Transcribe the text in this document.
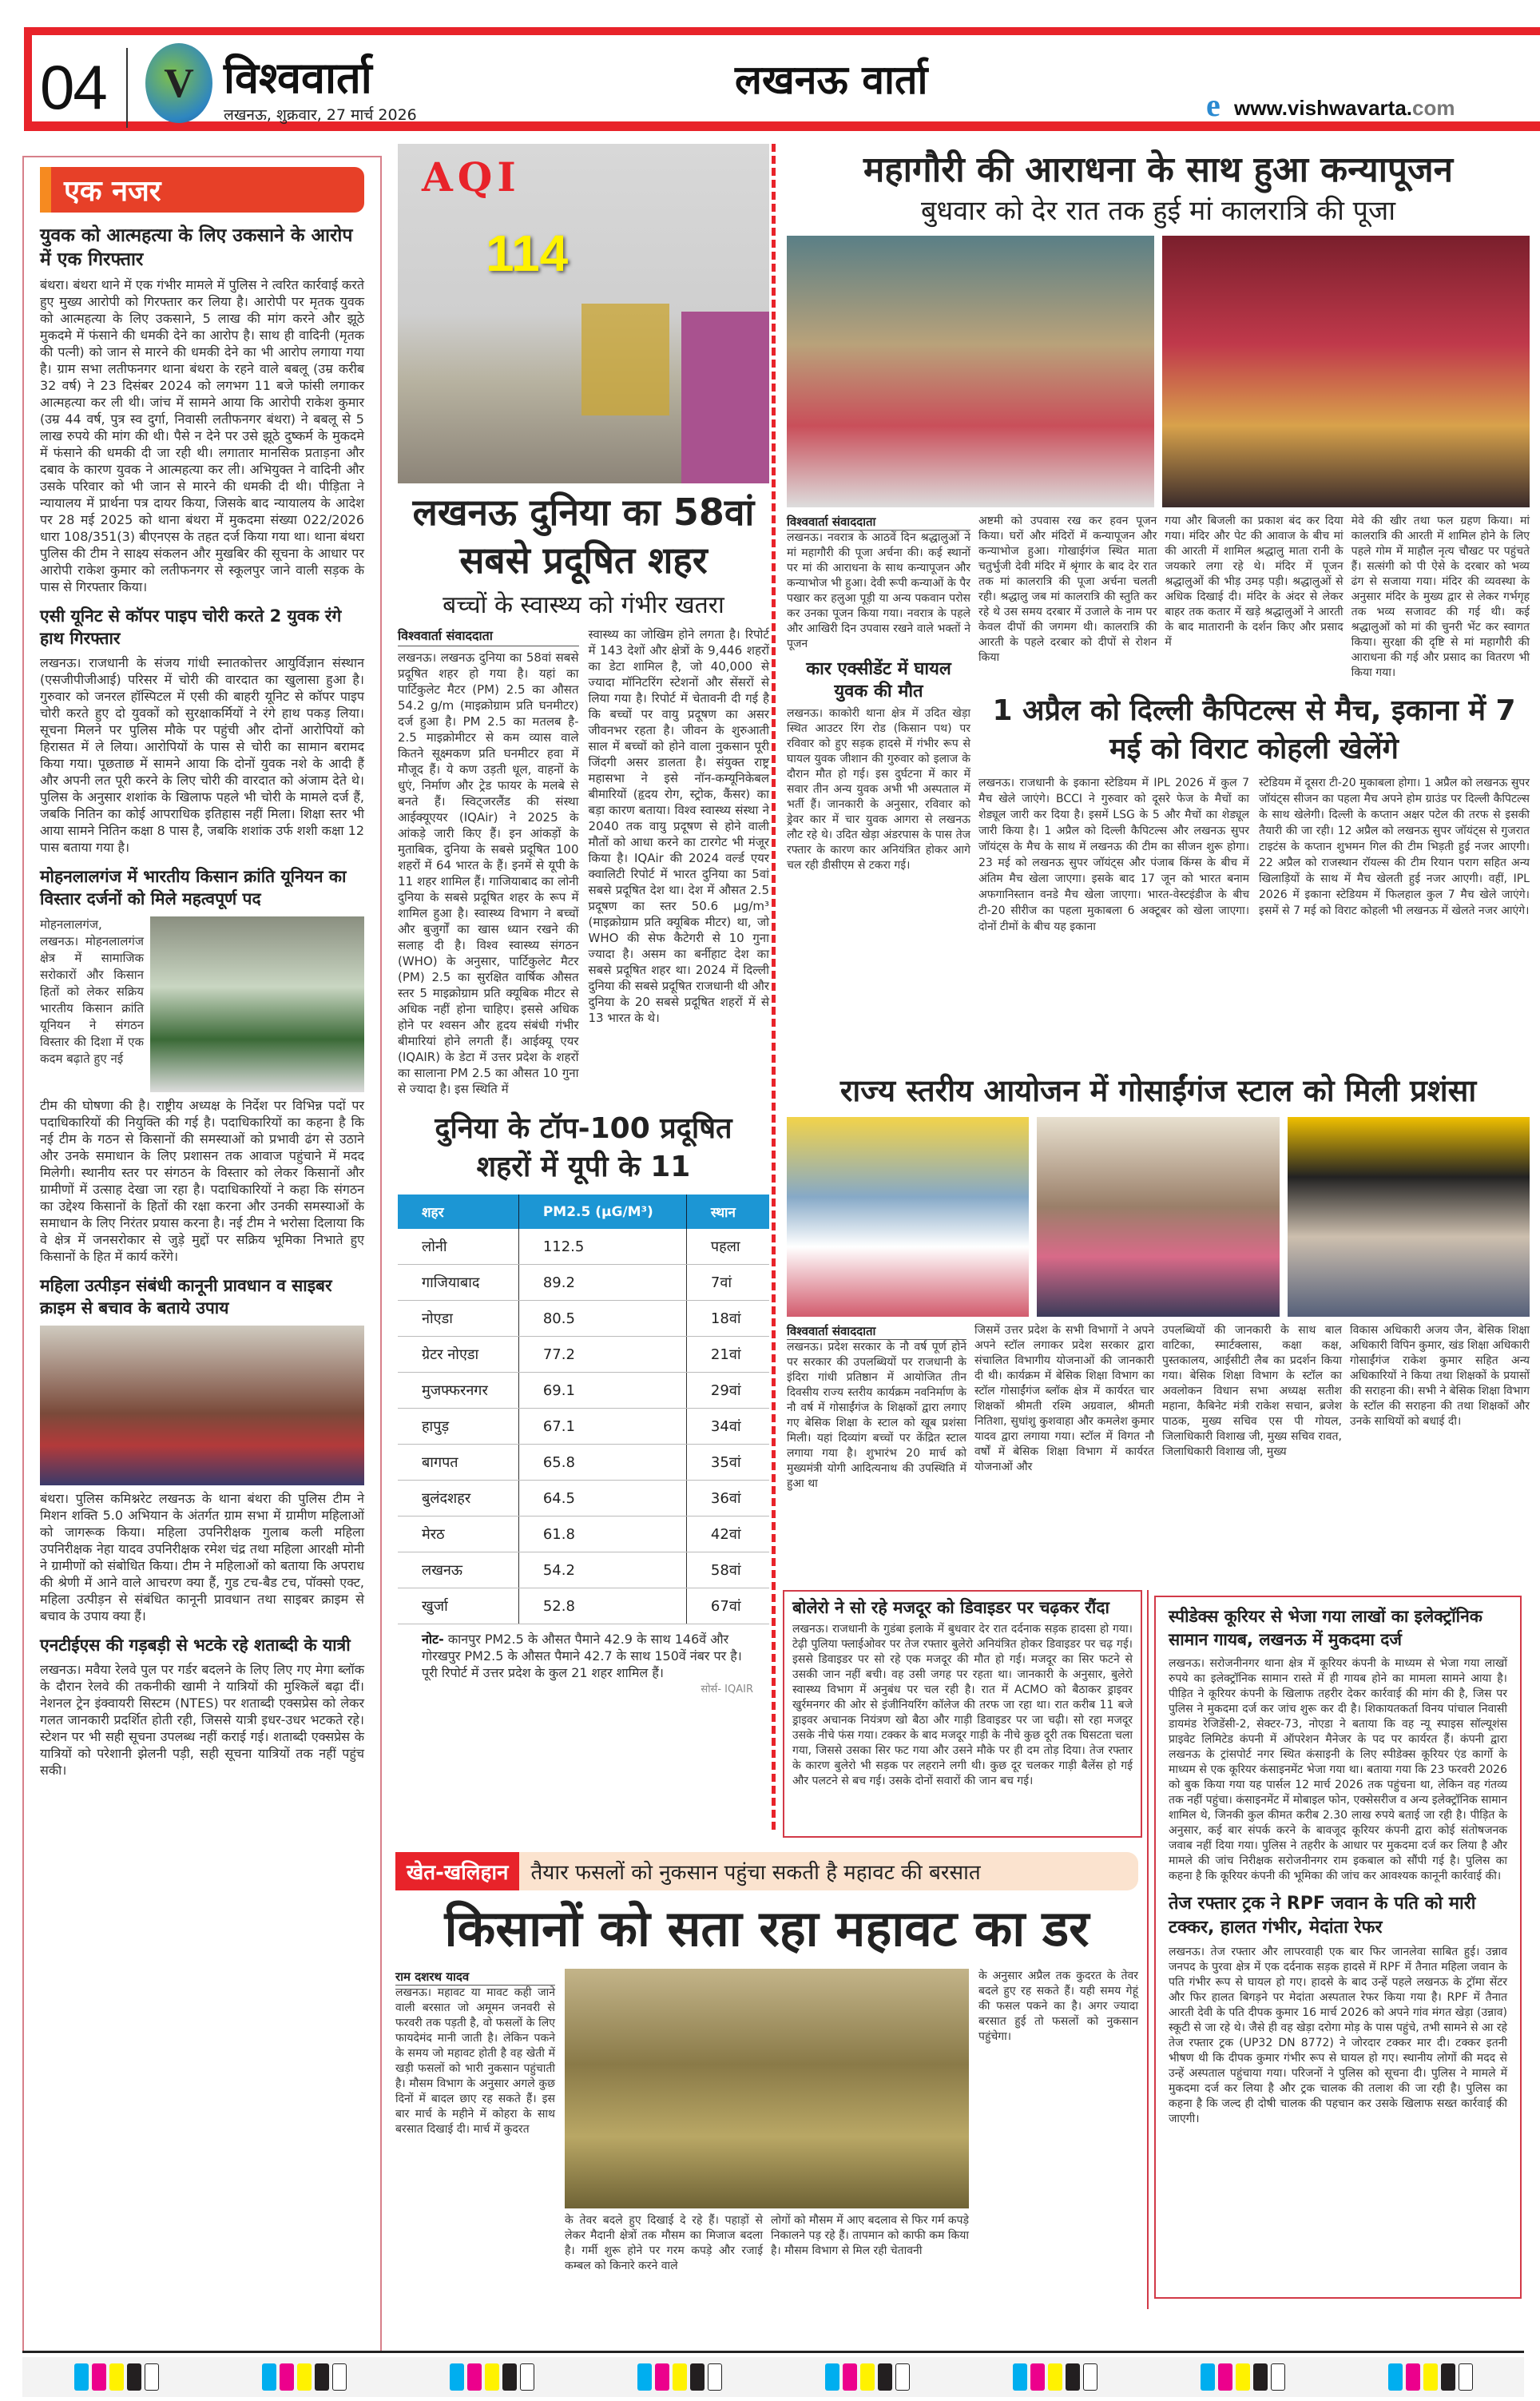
04	V विश्ववार्ता
लखनऊ, शुक्रवार, 27 मार्च 2026
लखनऊ वार्ता
e www.vishwavarta.com
एक नजर
युवक को आत्महत्या के लिए उकसाने के आरोप में एक गिरफ्तार
बंथरा। बंथरा थाने में एक गंभीर मामले में पुलिस ने त्वरित कार्रवाई करते हुए मुख्य आरोपी को गिरफ्तार कर लिया है। आरोपी पर मृतक युवक को आत्महत्या के लिए उकसाने, 5 लाख की मांग करने और झूठे मुकदमे में फंसाने की धमकी देने का आरोप है। साथ ही वादिनी (मृतक की पत्नी) को जान से मारने की धमकी देने का भी आरोप लगाया गया है। ग्राम सभा लतीफनगर थाना बंथरा के रहने वाले बबलू (उम्र करीब 32 वर्ष) ने 23 दिसंबर 2024 को लगभग 11 बजे फांसी लगाकर आत्महत्या कर ली थी। जांच में सामने आया कि आरोपी राकेश कुमार (उम्र 44 वर्ष, पुत्र स्व दुर्गा, निवासी लतीफनगर बंथरा) ने बबलू से 5 लाख रुपये की मांग की थी। पैसे न देने पर उसे झूठे दुष्कर्म के मुकदमे में फंसाने की धमकी दी जा रही थी। लगातार मानसिक प्रताड़ना और दबाव के कारण युवक ने आत्महत्या कर ली। अभियुक्त ने वादिनी और उसके परिवार को भी जान से मारने की धमकी दी थी। पीड़िता ने न्यायालय में प्रार्थना पत्र दायर किया, जिसके बाद न्यायालय के आदेश पर 28 मई 2025 को थाना बंथरा में मुकदमा संख्या 022/2026 धारा 108/351(3) बीएनएस के तहत दर्ज किया गया था। थाना बंथरा पुलिस की टीम ने साक्ष्य संकलन और मुखबिर की सूचना के आधार पर आरोपी राकेश कुमार को लतीफनगर से स्कूलपुर जाने वाली सड़क के पास से गिरफ्तार किया।
एसी यूनिट से कॉपर पाइप चोरी करते 2 युवक रंगे हाथ गिरफ्तार
लखनऊ। राजधानी के संजय गांधी स्नातकोत्तर आयुर्विज्ञान संस्थान (एसजीपीजीआई) परिसर में चोरी की वारदात का खुलासा हुआ है। गुरुवार को जनरल हॉस्पिटल में एसी की बाहरी यूनिट से कॉपर पाइप चोरी करते हुए दो युवकों को सुरक्षाकर्मियों ने रंगे हाथ पकड़ लिया। सूचना मिलने पर पुलिस मौके पर पहुंची और दोनों आरोपियों को हिरासत में ले लिया। आरोपियों के पास से चोरी का सामान बरामद किया गया। पूछताछ में सामने आया कि दोनों युवक नशे के आदी हैं और अपनी लत पूरी करने के लिए चोरी की वारदात को अंजाम देते थे। पुलिस के अनुसार शशांक के खिलाफ पहले भी चोरी के मामले दर्ज हैं, जबकि नितिन का कोई आपराधिक इतिहास नहीं मिला। शिक्षा स्तर भी आया सामने नितिन कक्षा 8 पास है, जबकि शशांक उर्फ शशी कक्षा 12 पास बताया गया है।
मोहनलालगंज में भारतीय किसान क्रांति यूनियन का विस्तार दर्जनों को मिले महत्वपूर्ण पद
मोहनलालगंज, लखनऊ। मोहनलालगंज क्षेत्र में सामाजिक सरोकारों और किसान हितों को लेकर सक्रिय भारतीय किसान क्रांति यूनियन ने संगठन विस्तार की दिशा में एक कदम बढ़ाते हुए नई
टीम की घोषणा की है। राष्ट्रीय अध्यक्ष के निर्देश पर विभिन्न पदों पर पदाधिकारियों की नियुक्ति की गई है। पदाधिकारियों का कहना है कि नई टीम के गठन से किसानों की समस्याओं को प्रभावी ढंग से उठाने और उनके समाधान के लिए प्रशासन तक आवाज पहुंचाने में मदद मिलेगी। स्थानीय स्तर पर संगठन के विस्तार को लेकर किसानों और ग्रामीणों में उत्साह देखा जा रहा है। पदाधिकारियों ने कहा कि संगठन का उद्देश्य किसानों के हितों की रक्षा करना और उनकी समस्याओं के समाधान के लिए निरंतर प्रयास करना है। नई टीम ने भरोसा दिलाया कि वे क्षेत्र में जनसरोकार से जुड़े मुद्दों पर सक्रिय भूमिका निभाते हुए किसानों के हित में कार्य करेंगे।
महिला उत्पीड़न संबंधी कानूनी प्रावधान व साइबर क्राइम से बचाव के बताये उपाय
बंथरा। पुलिस कमिश्नरेट लखनऊ के थाना बंथरा की पुलिस टीम ने मिशन शक्ति 5.0 अभियान के अंतर्गत ग्राम सभा में ग्रामीण महिलाओं को जागरूक किया। महिला उपनिरीक्षक गुलाब कली महिला उपनिरीक्षक नेहा यादव उपनिरीक्षक रमेश चंद्र तथा महिला आरक्षी मोनी ने ग्रामीणों को संबोधित किया। टीम ने महिलाओं को बताया कि अपराध की श्रेणी में आने वाले आचरण क्या हैं, गुड टच-बैड टच, पॉक्सो एक्ट, महिला उत्पीड़न से संबंधित कानूनी प्रावधान तथा साइबर क्राइम से बचाव के उपाय क्या हैं।
एनटीईएस की गड़बड़ी से भटके रहे शताब्दी के यात्री
लखनऊ। मवैया रेलवे पुल पर गर्डर बदलने के लिए लिए गए मेगा ब्लॉक के दौरान रेलवे की तकनीकी खामी ने यात्रियों की मुश्किलें बढ़ा दीं। नेशनल ट्रेन इंक्वायरी सिस्टम (NTES) पर शताब्दी एक्सप्रेस को लेकर गलत जानकारी प्रदर्शित होती रही, जिससे यात्री इधर-उधर भटकते रहे। स्टेशन पर भी सही सूचना उपलब्ध नहीं कराई गई। शताब्दी एक्सप्रेस के यात्रियों को परेशानी झेलनी पड़ी, सही सूचना यात्रियों तक नहीं पहुंच सकी।
AQI
114
लखनऊ दुनिया का 58वां सबसे प्रदूषित शहर
बच्चों के स्वास्थ्य को गंभीर खतरा
विश्ववार्ता संवाददाता
लखनऊ। लखनऊ दुनिया का 58वां सबसे प्रदूषित शहर हो गया है। यहां का पार्टिकुलेट मैटर (PM) 2.5 का औसत 54.2 g/m (माइक्रोग्राम प्रति घनमीटर) दर्ज हुआ है। PM 2.5 का मतलब है- 2.5 माइक्रोमीटर से कम व्यास वाले कितने सूक्ष्मकण प्रति घनमीटर हवा में मौजूद हैं। ये कण उड़ती धूल, वाहनों के धुएं, निर्माण और ट्रेड फायर के मलबे से बनते हैं। स्विट्जरलैंड की संस्था आईक्यूएयर (IQAir) ने 2025 के आंकड़े जारी किए हैं। इन आंकड़ों के मुताबिक, दुनिया के सबसे प्रदूषित 100 शहरों में 64 भारत के हैं। इनमें से यूपी के 11 शहर शामिल हैं। गाजियाबाद का लोनी दुनिया के सबसे प्रदूषित शहर के रूप में शामिल हुआ है। स्वास्थ्य विभाग ने बच्चों और बुजुर्गों का खास ध्यान रखने की सलाह दी है। विश्व स्वास्थ्य संगठन (WHO) के अनुसार, पार्टिकुलेट मैटर (PM) 2.5 का सुरक्षित वार्षिक औसत स्तर 5 माइक्रोग्राम प्रति क्यूबिक मीटर से अधिक नहीं होना चाहिए। इससे अधिक होने पर श्वसन और हृदय संबंधी गंभीर बीमारियां होने लगती हैं। आईक्यू एयर (IQAIR) के डेटा में उत्तर प्रदेश के शहरों का सालाना PM 2.5 का औसत 10 गुना से ज्यादा है। इस स्थिति में
स्वास्थ्य का जोखिम होने लगता है। रिपोर्ट में 143 देशों और क्षेत्रों के 9,446 शहरों का डेटा शामिल है, जो 40,000 से ज्यादा मॉनिटरिंग स्टेशनों और सेंसरों से लिया गया है। रिपोर्ट में चेतावनी दी गई है कि बच्चों पर वायु प्रदूषण का असर जीवनभर रहता है। जीवन के शुरुआती साल में बच्चों को होने वाला नुकसान पूरी जिंदगी असर डालता है। संयुक्त राष्ट्र महासभा ने इसे नॉन-कम्यूनिकेबल बीमारियों (हृदय रोग, स्ट्रोक, कैंसर) का बड़ा कारण बताया। विश्व स्वास्थ्य संस्था ने 2040 तक वायु प्रदूषण से होने वाली मौतों को आधा करने का टारगेट भी मंजूर किया है। IQAir की 2024 वर्ल्ड एयर क्वालिटी रिपोर्ट में भारत दुनिया का 5वां सबसे प्रदूषित देश था। देश में औसत 2.5 प्रदूषण का स्तर 50.6 μg/m³ (माइक्रोग्राम प्रति क्यूबिक मीटर) था, जो WHO की सेफ कैटेगरी से 10 गुना ज्यादा है। असम का बर्नीहाट देश का सबसे प्रदूषित शहर था। 2024 में दिल्ली दुनिया की सबसे प्रदूषित राजधानी थी और दुनिया के 20 सबसे प्रदूषित शहरों में से 13 भारत के थे।
दुनिया के टॉप-100 प्रदूषित शहरों में यूपी के 11
शहर	PM2.5 (μG/M³)	स्थान
लोनी	112.5	पहला
गाजियाबाद	89.2	7वां
नोएडा	80.5	18वां
ग्रेटर नोएडा	77.2	21वां
मुजफ्फरनगर	69.1	29वां
हापुड़	67.1	34वां
बागपत	65.8	35वां
बुलंदशहर	64.5	36वां
मेरठ	61.8	42वां
लखनऊ	54.2	58वां
खुर्जा	52.8	67वां
नोट- कानपुर PM2.5 के औसत पैमाने 42.9 के साथ 146वें और गोरखपुर PM2.5 के औसत पैमाने 42.7 के साथ 150वें नंबर पर है। पूरी रिपोर्ट में उत्तर प्रदेश के कुल 21 शहर शामिल हैं।
सोर्स- IQAIR
महागौरी की आराधना के साथ हुआ कन्यापूजन
बुधवार को देर रात तक हुई मां कालरात्रि की पूजा
विश्ववार्ता संवाददाता
लखनऊ। नवरात्र के आठवें दिन श्रद्धालुओं ने मां महागौरी की पूजा अर्चना की। कई स्थानों पर मां की आराधना के साथ कन्यापूजन और कन्याभोज भी हुआ। देवी रूपी कन्याओं के पैर पखार कर हलुआ पूड़ी या अन्य पकवान परोस कर उनका पूजन किया गया। नवरात्र के पहले और आखिरी दिन उपवास रखने वाले भक्तों ने पूजन
कार एक्सीडेंट में घायल युवक की मौत
लखनऊ। काकोरी थाना क्षेत्र में उदित खेड़ा स्थित आउटर रिंग रोड (किसान पथ) पर रविवार को हुए सड़क हादसे में गंभीर रूप से घायल युवक जीशान की गुरुवार को इलाज के दौरान मौत हो गई। इस दुर्घटना में कार में सवार तीन अन्य युवक अभी भी अस्पताल में भर्ती हैं। जानकारी के अनुसार, रविवार को ड्रेवर कार में चार युवक आगरा से लखनऊ लौट रहे थे। उदित खेड़ा अंडरपास के पास तेज रफ्तार के कारण कार अनियंत्रित होकर आगे चल रही डीसीएम से टकरा गई।
अष्टमी को उपवास रख कर हवन पूजन किया। घरों और मंदिरों में कन्यापूजन और कन्याभोज हुआ। गोखाईगंज स्थित माता चतुर्भुजी देवी मंदिर में श्रृंगार के बाद देर रात तक मां कालरात्रि की पूजा अर्चना चलती रही। श्रद्धालु जब मां कालरात्रि की स्तुति कर रहे थे उस समय दरबार में उजाले के नाम पर केवल दीपों की जगमग थी। कालरात्रि की आरती के पहले दरबार को दीपों से रोशन किया
गया और बिजली का प्रकाश बंद कर दिया गया। मंदिर और पेट की आवाज के बीच मां की आरती में शामिल श्रद्धालु माता रानी के जयकारे लगा रहे थे। मंदिर में पूजन श्रद्धालुओं की भीड़ उमड़ पड़ी। श्रद्धालुओं से अधिक दिखाई दी। मंदिर के अंदर से लेकर बाहर तक कतार में खड़े श्रद्धालुओं ने आरती के बाद मातारानी के दर्शन किए और प्रसाद में
मेवे की खीर तथा फल ग्रहण किया। मां कालरात्रि की आरती में शामिल होने के लिए पहले गोम में माहौल नृत्य चौखट पर पहुंचते हैं। सत्संगी को पी ऐसे के दरबार को भव्य ढंग से सजाया गया। मंदिर की व्यवस्था के अनुसार मंदिर के मुख्य द्वार से लेकर गर्भगृह तक भव्य सजावट की गई थी। कई श्रद्धालुओं को मां की चुनरी भेंट कर स्वागत किया। सुरक्षा की दृष्टि से मां महागौरी की आराधना की गई और प्रसाद का वितरण भी किया गया।
1 अप्रैल को दिल्ली कैपिटल्स से मैच, इकाना में 7 मई को विराट कोहली खेलेंगे
लखनऊ। राजधानी के इकाना स्टेडियम में IPL 2026 में कुल 7 मैच खेले जाएंगे। BCCI ने गुरुवार को दूसरे फेज के मैचों का शेड्यूल जारी कर दिया है। इसमें LSG के 5 और मैचों का शेड्यूल जारी किया है। 1 अप्रैल को दिल्ली कैपिटल्स और लखनऊ सुपर जॉयंट्स के मैच के साथ में लखनऊ की टीम का सीजन शुरू होगा। 23 मई को लखनऊ सुपर जॉयंट्स और पंजाब किंग्स के बीच में अंतिम मैच खेला जाएगा। इसके बाद 17 जून को भारत बनाम अफगानिस्तान वनडे मैच खेला जाएगा। भारत-वेस्टइंडीज के बीच टी-20 सीरीज का पहला मुकाबला 6 अक्टूबर को खेला जाएगा। दोनों टीमों के बीच यह इकाना
स्टेडियम में दूसरा टी-20 मुकाबला होगा। 1 अप्रैल को लखनऊ सुपर जॉयंट्स सीजन का पहला मैच अपने होम ग्राउंड पर दिल्ली कैपिटल्स के साथ खेलेगी। दिल्ली के कप्तान अक्षर पटेल की तरफ से इसकी तैयारी की जा रही। 12 अप्रैल को लखनऊ सुपर जॉयंट्स से गुजरात टाइटंस के कप्तान शुभमन गिल की टीम भिड़ती हुई नजर आएगी। 22 अप्रैल को राजस्थान रॉयल्स की टीम रियान पराग सहित अन्य खिलाड़ियों के साथ में मैच खेलती हुई नजर आएगी। वहीं, IPL 2026 में इकाना स्टेडियम में फिलहाल कुल 7 मैच खेले जाएंगे। इसमें से 7 मई को विराट कोहली भी लखनऊ में खेलते नजर आएंगे।
राज्य स्तरीय आयोजन में गोसाईंगंज स्टाल को मिली प्रशंसा
विश्ववार्ता संवाददाता
लखनऊ। प्रदेश सरकार के नौ वर्ष पूर्ण होने पर सरकार की उपलब्धियों पर राजधानी के इंदिरा गांधी प्रतिष्ठान में आयोजित तीन दिवसीय राज्य स्तरीय कार्यक्रम नवनिर्माण के नौ वर्ष में गोसाईंगंज के शिक्षकों द्वारा लगाए गए बेसिक शिक्षा के स्टाल को खूब प्रशंसा मिली। यहां दिव्यांग बच्चों पर केंद्रित स्टाल लगाया गया है। शुभारंभ 20 मार्च को मुख्यमंत्री योगी आदित्यनाथ की उपस्थिति में हुआ था
जिसमें उत्तर प्रदेश के सभी विभागों ने अपने अपने स्टॉल लगाकर प्रदेश सरकार द्वारा संचालित विभागीय योजनाओं की जानकारी दी थी। कार्यक्रम में बेसिक शिक्षा विभाग का स्टॉल गोसाईंगंज ब्लॉक क्षेत्र में कार्यरत चार शिक्षकों श्रीमती रश्मि अग्रवाल, श्रीमती नितिशा, सुधांशु कुशवाहा और कमलेश कुमार यादव द्वारा लगाया गया। स्टॉल में विगत नौ वर्षों में बेसिक शिक्षा विभाग में कार्यरत योजनाओं और
उपलब्धियों की जानकारी के साथ बाल वाटिका, स्मार्टक्लास, कक्षा कक्ष, पुस्तकालय, आईसीटी लैब का प्रदर्शन किया गया। बेसिक शिक्षा विभाग के स्टॉल का अवलोकन विधान सभा अध्यक्ष सतीश महाना, कैबिनेट मंत्री राकेश सचान, ब्रजेश पाठक, मुख्य सचिव एस पी गोयल, जिलाधिकारी विशाख जी, मुख्य सचिव रावत, जिलाधिकारी विशाख जी, मुख्य
विकास अधिकारी अजय जैन, बेसिक शिक्षा अधिकारी विपिन कुमार, खंड शिक्षा अधिकारी गोसाईंगंज राकेश कुमार सहित अन्य अधिकारियों ने किया तथा शिक्षकों के प्रयासों की सराहना की। सभी ने बेसिक शिक्षा विभाग के स्टॉल की सराहना की तथा शिक्षकों और उनके साथियों को बधाई दी।
बोलेरो ने सो रहे मजदूर को डिवाइडर पर चढ़कर रौंदा
लखनऊ। राजधानी के गुडंबा इलाके में बुधवार देर रात दर्दनाक सड़क हादसा हो गया। टेढ़ी पुलिया फ्लाईओवर पर तेज रफ्तार बुलेरो अनियंत्रित होकर डिवाइडर पर चढ़ गई। इससे डिवाइडर पर सो रहे एक मजदूर की मौत हो गई। मजदूर का सिर फटने से उसकी जान नहीं बची। वह उसी जगह पर रहता था। जानकारी के अनुसार, बुलेरो स्वास्थ्य विभाग में अनुबंध पर चल रही है। रात में ACMO को बैठाकर ड्राइवर खुर्रमनगर की ओर से इंजीनियरिंग कॉलेज की तरफ जा रहा था। रात करीब 11 बजे ड्राइवर अचानक नियंत्रण खो बैठा और गाड़ी डिवाइडर पर जा चढ़ी। सो रहा मजदूर उसके नीचे फंस गया। टक्कर के बाद मजदूर गाड़ी के नीचे कुछ दूरी तक घिसटता चला गया, जिससे उसका सिर फट गया और उसने मौके पर ही दम तोड़ दिया। तेज रफ्तार के कारण बुलेरो भी सड़क पर लहराने लगी थी। कुछ दूर चलकर गाड़ी बैलेंस हो गई और पलटने से बच गई। उसके दोनों सवारों की जान बच गई।
स्पीडेक्स कूरियर से भेजा गया लाखों का इलेक्ट्रॉनिक सामान गायब, लखनऊ में मुकदमा दर्ज
लखनऊ। सरोजनीनगर थाना क्षेत्र में कूरियर कंपनी के माध्यम से भेजा गया लाखों रुपये का इलेक्ट्रॉनिक सामान रास्ते में ही गायब होने का मामला सामने आया है। पीड़ित ने कूरियर कंपनी के खिलाफ तहरीर देकर कार्रवाई की मांग की है, जिस पर पुलिस ने मुकदमा दर्ज कर जांच शुरू कर दी है। शिकायतकर्ता विनय पांचाल निवासी डायमंड रेजिडेंसी-2, सेक्टर-73, नोएडा ने बताया कि वह न्यू स्पाइस सॉल्यूशंस प्राइवेट लिमिटेड कंपनी में ऑपरेशन मैनेजर के पद पर कार्यरत हैं। कंपनी द्वारा लखनऊ के ट्रांसपोर्ट नगर स्थित कंसाइनी के लिए स्पीडेक्स कूरियर एंड कार्गो के माध्यम से एक कूरियर कंसाइनमेंट भेजा गया था। बताया गया कि 23 फरवरी 2026 को बुक किया गया यह पार्सल 12 मार्च 2026 तक पहुंचना था, लेकिन वह गंतव्य तक नहीं पहुंचा। कंसाइनमेंट में मोबाइल फोन, एक्सेसरीज व अन्य इलेक्ट्रॉनिक सामान शामिल थे, जिनकी कुल कीमत करीब 2.30 लाख रुपये बताई जा रही है। पीड़ित के अनुसार, कई बार संपर्क करने के बावजूद कूरियर कंपनी द्वारा कोई संतोषजनक जवाब नहीं दिया गया। पुलिस ने तहरीर के आधार पर मुकदमा दर्ज कर लिया है और मामले की जांच निरीक्षक सरोजनीनगर राम इकबाल को सौंपी गई है। पुलिस का कहना है कि कूरियर कंपनी की भूमिका की जांच कर आवश्यक कानूनी कार्रवाई की।
तेज रफ्तार ट्रक ने RPF जवान के पति को मारी टक्कर, हालत गंभीर, मेदांता रेफर
लखनऊ। तेज रफ्तार और लापरवाही एक बार फिर जानलेवा साबित हुई। उन्नाव जनपद के पुरवा क्षेत्र में एक दर्दनाक सड़क हादसे में RPF में तैनात महिला जवान के पति गंभीर रूप से घायल हो गए। हादसे के बाद उन्हें पहले लखनऊ के ट्रॉमा सेंटर और फिर हालत बिगड़ने पर मेदांता अस्पताल रेफर किया गया है। RPF में तैनात आरती देवी के पति दीपक कुमार 16 मार्च 2026 को अपने गांव मंगत खेड़ा (उन्नाव) स्कूटी से जा रहे थे। जैसे ही वह खेड़ा दरोगा मोड़ के पास पहुंचे, तभी सामने से आ रहे तेज रफ्तार ट्रक (UP32 DN 8772) ने जोरदार टक्कर मार दी। टक्कर इतनी भीषण थी कि दीपक कुमार गंभीर रूप से घायल हो गए। स्थानीय लोगों की मदद से उन्हें अस्पताल पहुंचाया गया। परिजनों ने पुलिस को सूचना दी। पुलिस ने मामले में मुकदमा दर्ज कर लिया है और ट्रक चालक की तलाश की जा रही है। पुलिस का कहना है कि जल्द ही दोषी चालक की पहचान कर उसके खिलाफ सख्त कार्रवाई की जाएगी।
खेत-खलिहान	तैयार फसलों को नुकसान पहुंचा सकती है महावट की बरसात
किसानों को सता रहा महावट का डर
राम दशरथ यादव
लखनऊ। महावट या मावट कही जाने वाली बरसात जो अमूमन जनवरी से फरवरी तक पड़ती है, वो फसलों के लिए फायदेमंद मानी जाती है। लेकिन पकने के समय जो महावट होती है वह खेती में खड़ी फसलों को भारी नुकसान पहुंचाती है। मौसम विभाग के अनुसार अगले कुछ दिनों में बादल छाए रह सकते हैं। इस बार मार्च के महीने में कोहरा के साथ बरसात दिखाई दी। मार्च में कुदरत
के तेवर बदले हुए दिखाई दे रहे हैं। पहाड़ों से लेकर मैदानी क्षेत्रों तक मौसम का मिजाज बदला है। गर्मी शुरू होने पर गरम कपड़े और रजाई कम्बल को किनारे करने वाले
लोगों को मौसम में आए बदलाव से फिर गर्म कपड़े निकालने पड़ रहे हैं। तापमान को काफी कम किया है। मौसम विभाग से मिल रही चेतावनी
के अनुसार अप्रैल तक कुदरत के तेवर बदले हुए रह सकते हैं। यही समय गेहूं की फसल पकने का है। अगर ज्यादा बरसात हुई तो फसलों को नुकसान पहुंचेगा।
